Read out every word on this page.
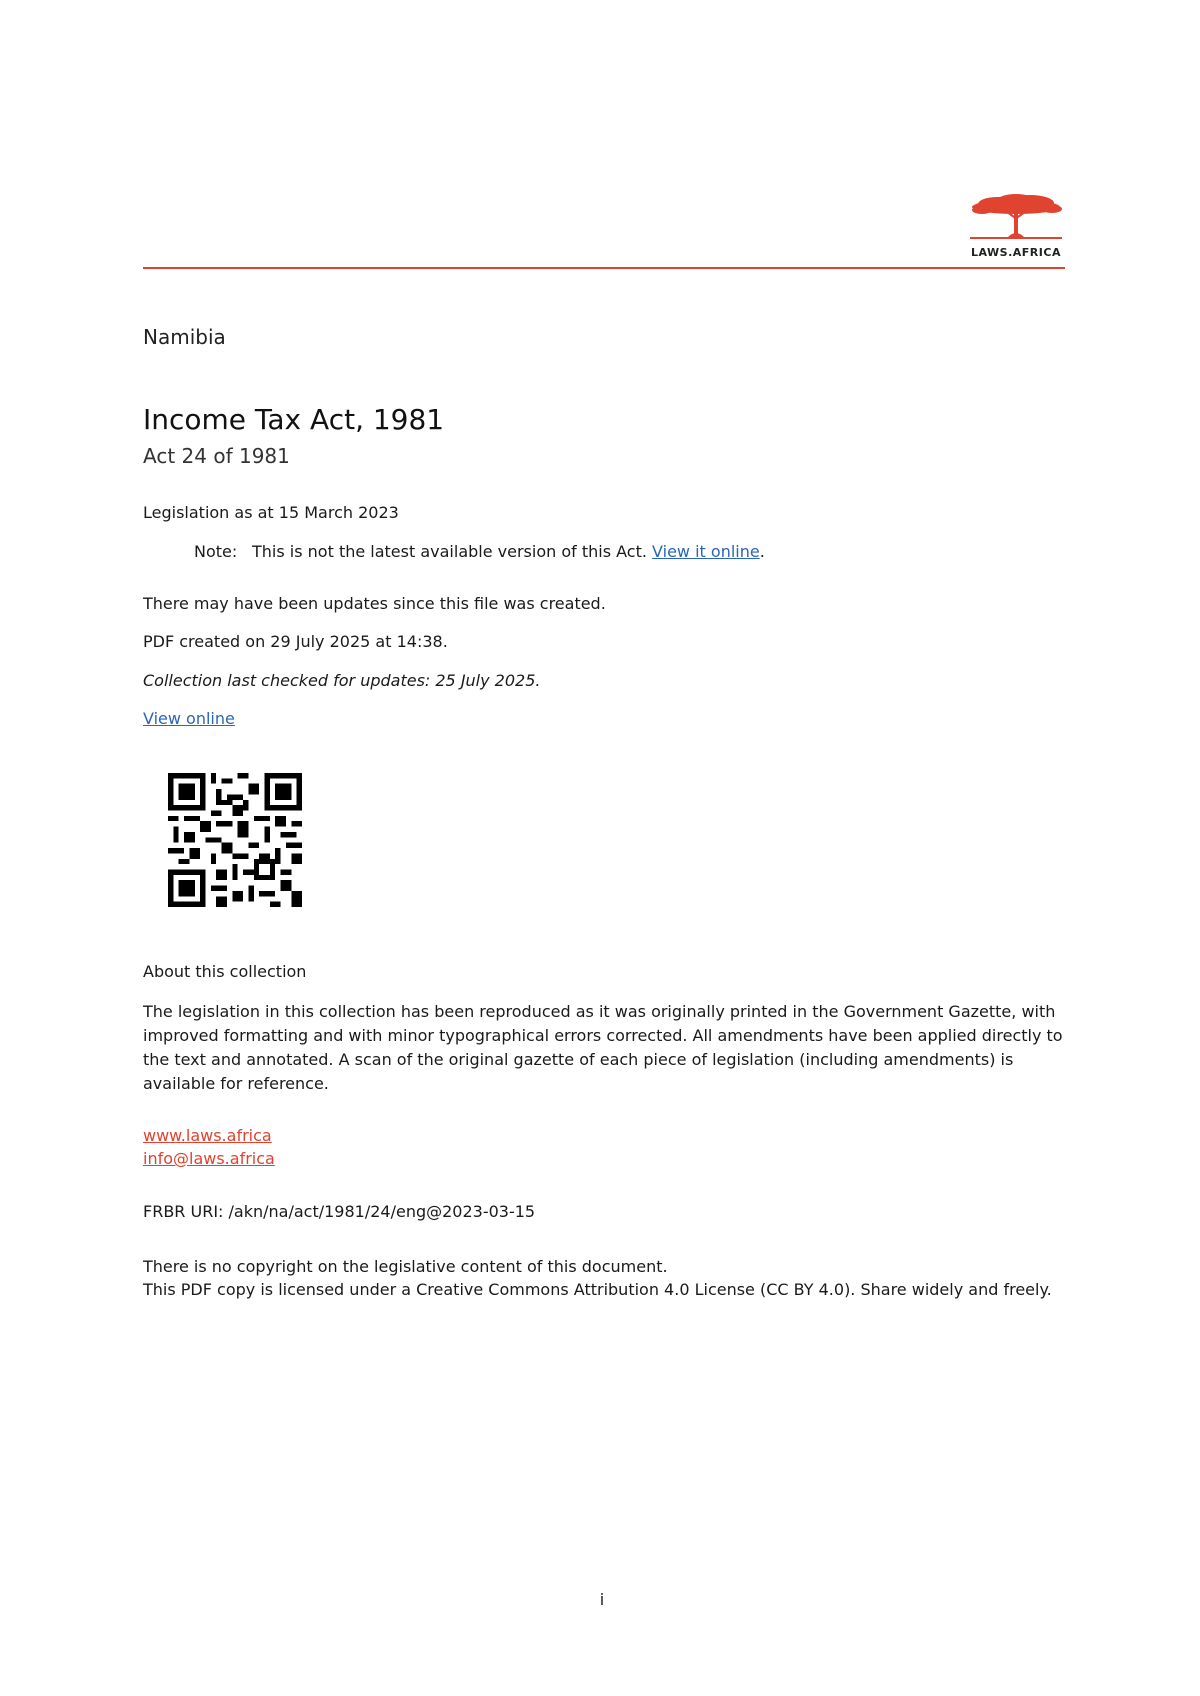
LAWS.AFRICA
Namibia
Income Tax Act, 1981
Act 24 of 1981
Legislation as at 15 March 2023
Note: This is not the latest available version of this Act. View it online.
There may have been updates since this file was created.
PDF created on 29 July 2025 at 14:38.
Collection last checked for updates: 25 July 2025.
View online
About this collection
The legislation in this collection has been reproduced as it was originally printed in the Government Gazette, with improved formatting and with minor typographical errors corrected. All amendments have been applied directly to the text and annotated. A scan of the original gazette of each piece of legislation (including amendments) is available for reference.
www.laws.africa
info@laws.africa
FRBR URI: /akn/na/act/1981/24/eng@2023-03-15
There is no copyright on the legislative content of this document.
This PDF copy is licensed under a Creative Commons Attribution 4.0 License (CC BY 4.0). Share widely and freely.
i
